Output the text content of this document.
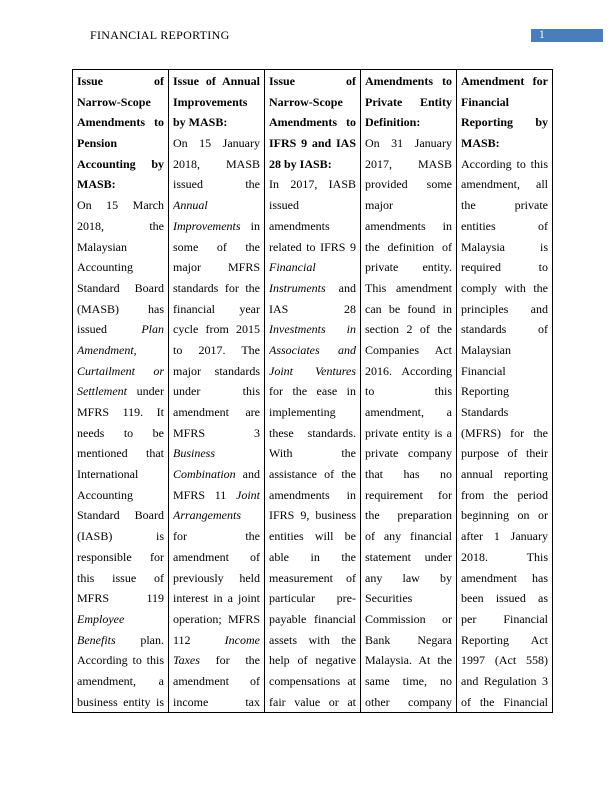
FINANCIAL REPORTING	1
Issue of
Narrow-Scope
Amendments to
Pension
Accounting by
MASB:
On 15 March
2018, the
Malaysian
Accounting
Standard Board
(MASB) has
issued Plan
Amendment,
Curtailment or
Settlement under
MFRS 119. It
needs to be
mentioned that
International
Accounting
Standard Board
(IASB) is
responsible for
this issue of
MFRS 119
Employee
Benefits plan.
According to this
amendment, a
business entity is

Issue of Annual
Improvements
by MASB:
On 15 January
2018, MASB
issued the
Annual
Improvements in
some of the
major MFRS
standards for the
financial year
cycle from 2015
to 2017. The
major standards
under this
amendment are
MFRS 3
Business
Combination and
MFRS 11 Joint
Arrangements
for the
amendment of
previously held
interest in a joint
operation; MFRS
112 Income
Taxes for the
amendment of
income tax

Issue of
Narrow-Scope
Amendments to
IFRS 9 and IAS
28 by IASB:
In 2017, IASB
issued
amendments
related to IFRS 9
Financial
Instruments and
IAS 28
Investments in
Associates and
Joint Ventures
for the ease in
implementing
these standards.
With the
assistance of the
amendments in
IFRS 9, business
entities will be
able in the
measurement of
particular pre-
payable financial
assets with the
help of negative
compensations at
fair value or at

Amendments to
Private Entity
Definition:
On 31 January
2017, MASB
provided some
major
amendments in
the definition of
private entity.
This amendment
can be found in
section 2 of the
Companies Act
2016. According
to this
amendment, a
private entity is a
private company
that has no
requirement for
the preparation
of any financial
statement under
any law by
Securities
Commission or
Bank Negara
Malaysia. At the
same time, no
other company

Amendment for
Financial
Reporting by
MASB:
According to this
amendment, all
the private
entities of
Malaysia is
required to
comply with the
principles and
standards of
Malaysian
Financial
Reporting
Standards
(MFRS) for the
purpose of their
annual reporting
from the period
beginning on or
after 1 January
2018. This
amendment has
been issued as
per Financial
Reporting Act
1997 (Act 558)
and Regulation 3
of the Financial
